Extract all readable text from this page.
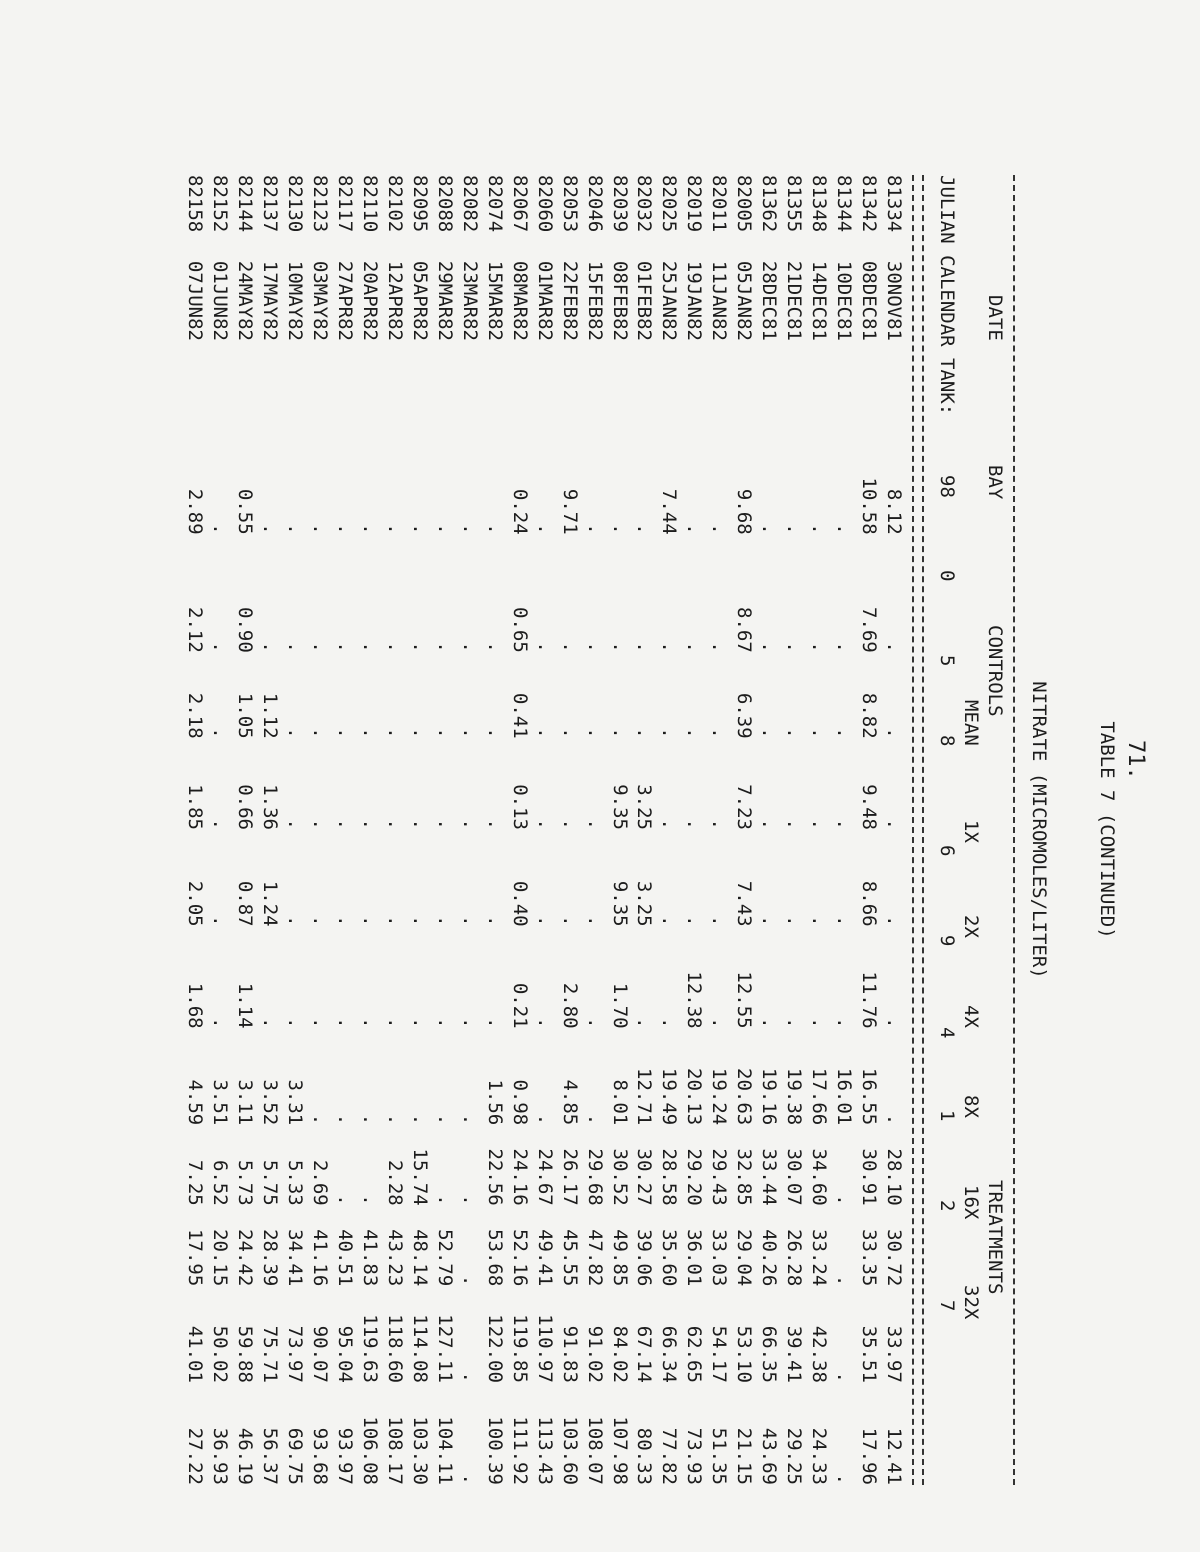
71.
TABLE 7 (CONTINUED)
NITRATE (MICROMOLES/LITER)
DATE
BAY
CONTROLS
TREATMENTS
MEAN
1X
2X
4X
8X
16X
32X
JULIAN CALENDAR TANK:
98
0
5
8
6
9
4
1
2
7
81334	30NOV81	8.12	.	.	.	.	.	.	28.10	30.72	33.97	12.41
81342	08DEC81	10.58	7.69	8.82	9.48	8.66	11.76	16.55	30.91	33.35	35.51	17.96
81344	10DEC81	.	.	.	.	.	.	16.01	.	.	.	.
81348	14DEC81	.	.	.	.	.	.	17.66	34.60	33.24	42.38	24.33
81355	21DEC81	.	.	.	.	.	.	19.38	30.07	26.28	39.41	29.25
81362	28DEC81	.	.	.	.	.	.	19.16	33.44	40.26	66.35	43.69
82005	05JAN82	9.68	8.67	6.39	7.23	7.43	12.55	20.63	32.85	29.04	53.10	21.15
82011	11JAN82	.	.	.	.	.	.	19.24	29.43	33.03	54.17	51.35
82019	19JAN82	.	.	.	.	.	12.38	20.13	29.20	36.01	62.65	73.93
82025	25JAN82	7.44	.	.	.	.	.	19.49	28.58	35.60	66.34	77.82
82032	01FEB82	.	.	.	3.25	3.25	.	12.71	30.27	39.06	67.14	80.33
82039	08FEB82	.	.	.	9.35	9.35	1.70	8.01	30.52	49.85	84.02	107.98
82046	15FEB82	.	.	.	.	.	.	.	29.68	47.82	91.02	108.07
82053	22FEB82	9.71	.	.	.	.	2.80	4.85	26.17	45.55	91.83	103.60
82060	01MAR82	.	.	.	.	.	.	.	24.67	49.41	110.97	113.43
82067	08MAR82	0.24	0.65	0.41	0.13	0.40	0.21	0.98	24.16	52.16	119.85	111.92
82074	15MAR82	.	.	.	.	.	.	1.56	22.56	53.68	122.00	100.39
82082	23MAR82	.	.	.	.	.	.	.	.	.	.	.
82088	29MAR82	.	.	.	.	.	.	.	.	52.79	127.11	104.11
82095	05APR82	.	.	.	.	.	.	.	15.74	48.14	114.08	103.30
82102	12APR82	.	.	.	.	.	.	.	2.28	43.23	118.60	108.17
82110	20APR82	.	.	.	.	.	.	.	.	41.83	119.63	106.08
82117	27APR82	.	.	.	.	.	.	.	.	40.51	95.04	93.97
82123	03MAY82	.	.	.	.	.	.	.	2.69	41.16	90.07	93.68
82130	10MAY82	.	.	.	.	.	.	3.31	5.33	34.41	73.97	69.75
82137	17MAY82	.	.	1.12	1.36	1.24	.	3.52	5.75	28.39	75.71	56.37
82144	24MAY82	0.55	0.90	1.05	0.66	0.87	1.14	3.11	5.73	24.42	59.88	46.19
82152	01JUN82	.	.	.	.	.	.	3.51	6.52	20.15	50.02	36.93
82158	07JUN82	2.89	2.12	2.18	1.85	2.05	1.68	4.59	7.25	17.95	41.01	27.22
